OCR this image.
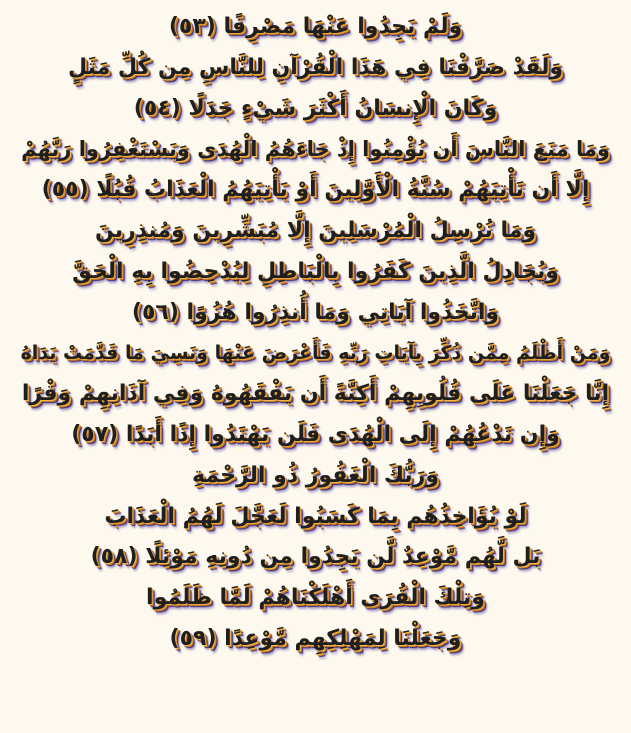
وَلَمْ يَجِدُوا عَنْهَا مَصْرِفًا (٥٣)
وَلَقَدْ صَرَّفْنَا فِي هَذَا الْقُرْآنِ لِلنَّاسِ مِن كُلِّ مَثَلٍ
وَكَانَ الْإِنسَانُ أَكْثَرَ شَيْءٍ جَدَلًا (٥٤)
وَمَا مَنَعَ النَّاسَ أَن يُؤْمِنُوا إِذْ جَاءَهُمُ الْهُدَى وَيَسْتَغْفِرُوا رَبَّهُمْ
إِلَّا أَن تَأْتِيَهُمْ سُنَّةُ الْأَوَّلِينَ أَوْ يَأْتِيَهُمُ الْعَذَابُ قُبُلًا (٥٥)
وَمَا نُرْسِلُ الْمُرْسَلِينَ إِلَّا مُبَشِّرِينَ وَمُنذِرِينَ
وَيُجَادِلُ الَّذِينَ كَفَرُوا بِالْبَاطِلِ لِيُدْحِضُوا بِهِ الْحَقَّ
وَاتَّخَذُوا آيَاتِي وَمَا أُنذِرُوا هُزُوًا (٥٦)
وَمَنْ أَظْلَمُ مِمَّن ذُكِّرَ بِآيَاتِ رَبِّهِ فَأَعْرَضَ عَنْهَا وَنَسِيَ مَا قَدَّمَتْ يَدَاهُ
إِنَّا جَعَلْنَا عَلَى قُلُوبِهِمْ أَكِنَّةً أَن يَفْقَهُوهُ وَفِي آذَانِهِمْ وَقْرًا
وَإِن تَدْعُهُمْ إِلَى الْهُدَى فَلَن يَهْتَدُوا إِذًا أَبَدًا (٥٧)
وَرَبُّكَ الْغَفُورُ ذُو الرَّحْمَةِ
لَوْ يُؤَاخِذُهُم بِمَا كَسَبُوا لَعَجَّلَ لَهُمُ الْعَذَابَ
بَل لَّهُم مَّوْعِدٌ لَّن يَجِدُوا مِن دُونِهِ مَوْئِلًا (٥٨)
وَتِلْكَ الْقُرَى أَهْلَكْنَاهُمْ لَمَّا ظَلَمُوا
وَجَعَلْنَا لِمَهْلِكِهِم مَّوْعِدًا (٥٩)
